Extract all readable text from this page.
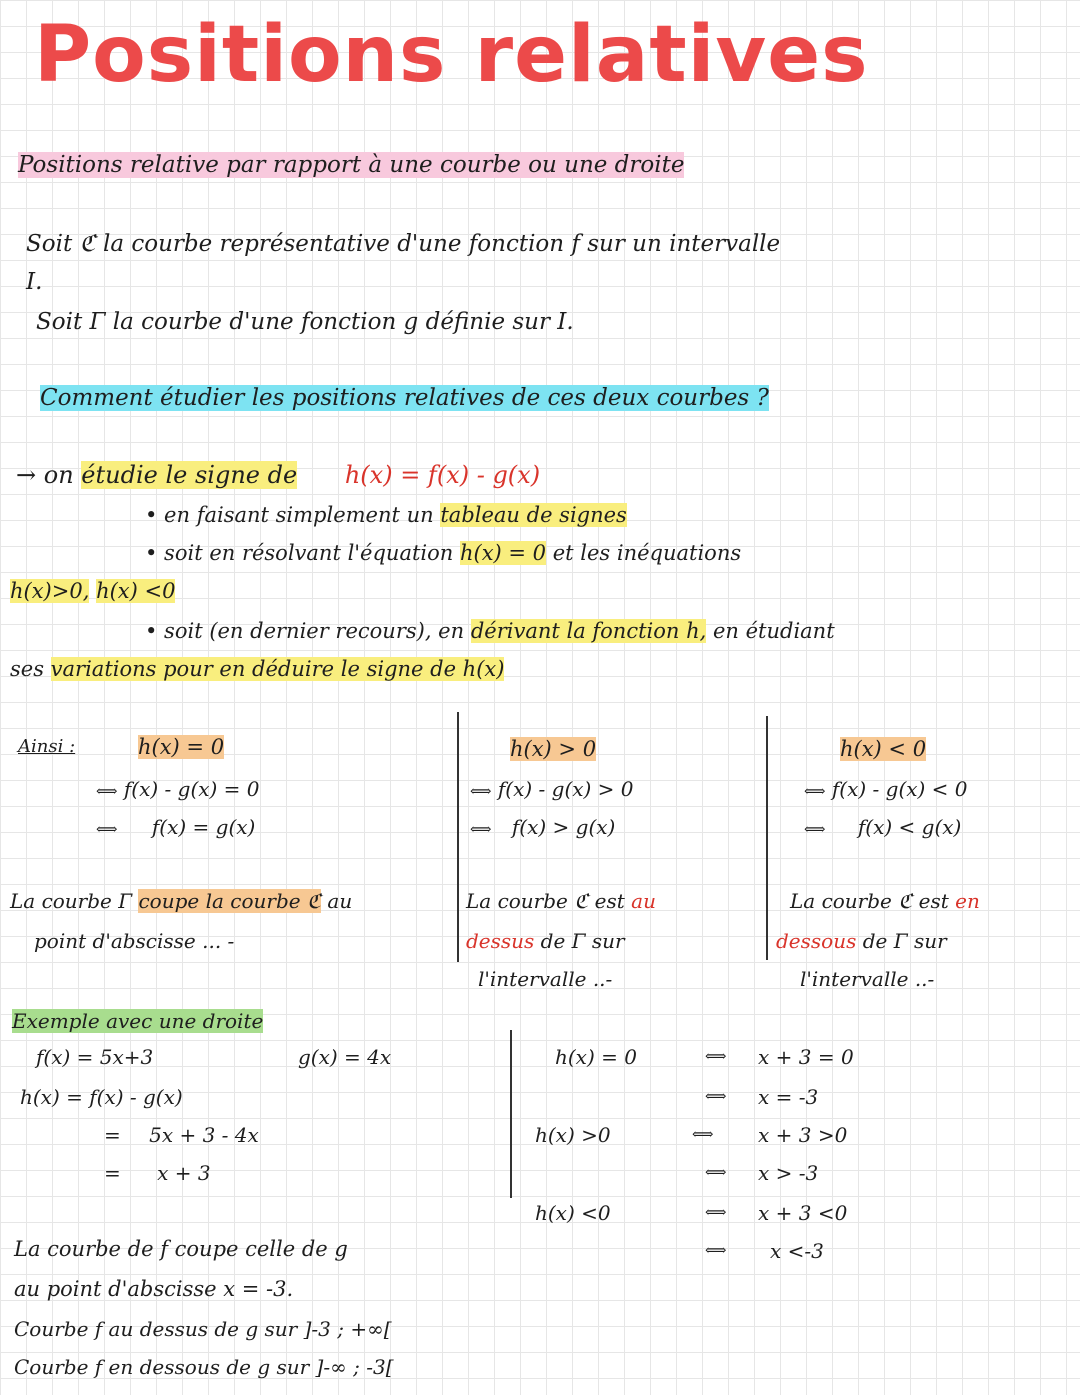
Positions relatives
Positions relative par rapport à une courbe ou une droite
Soit ℭ la courbe représentative d'une fonction f sur un intervalle
I.
Soit Γ la courbe d'une fonction g définie sur I.
Comment étudier les positions relatives de ces deux courbes ?
→ on étudie le signe de h(x) = f(x) - g(x)
• en faisant simplement un tableau de signes
• soit en résolvant l'équation h(x) = 0 et les inéquations
h(x)>0, h(x) <0
• soit (en dernier recours), en dérivant la fonction h, en étudiant
ses variations pour en déduire le signe de h(x)
Ainsi :	h(x) = 0
⟺ f(x) - g(x) = 0
⟺ f(x) = g(x)
La courbe Γ coupe la courbe ℭ au
point d'abscisse ... -
h(x) > 0
⟺ f(x) - g(x) > 0
⟺ f(x) > g(x)
La courbe ℭ est au
dessus de Γ sur
l'intervalle ..-
h(x) < 0
⟺ f(x) - g(x) < 0
⟺ f(x) < g(x)
La courbe ℭ est en
dessous de Γ sur
l'intervalle ..-
Exemple avec une droite
f(x) = 5x+3	g(x) = 4x
h(x) = f(x) - g(x)
= 5x + 3 - 4x
= x + 3
h(x) = 0	⟺ x + 3 = 0
⟺ x = -3
h(x) >0	⟺ x + 3 >0
⟺ x > -3
h(x) <0	⟺ x + 3 <0
⟺ x <-3
La courbe de f coupe celle de g
au point d'abscisse x = -3.
Courbe f au dessus de g sur ]-3 ; +∞[
Courbe f en dessous de g sur ]-∞ ; -3[
